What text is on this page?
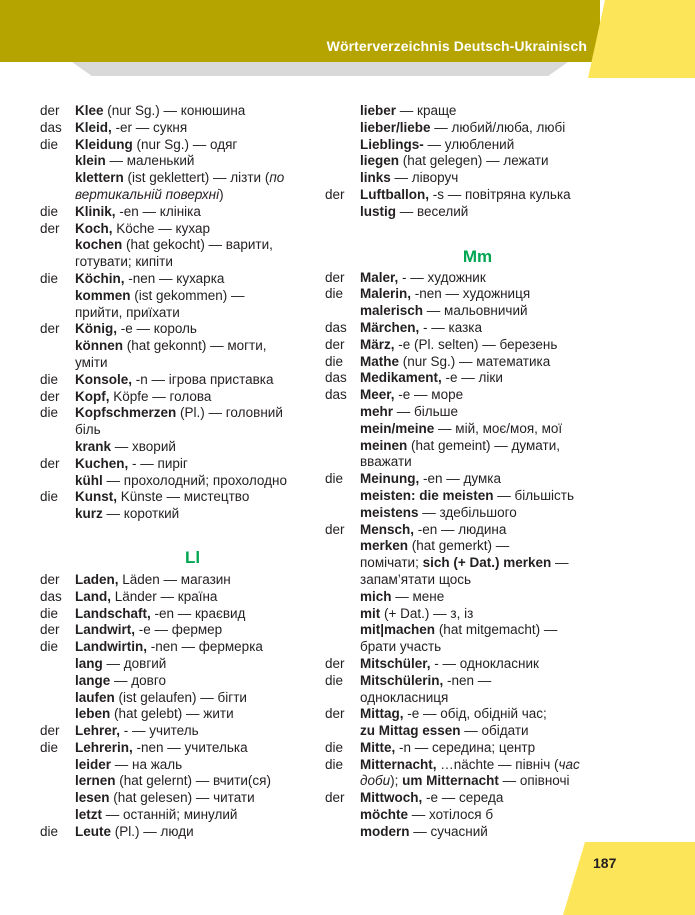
Wörterverzeichnis Deutsch-Ukrainisch
der	Klee (nur Sg.) — конюшина
das Kleid, -er — сукня
die	Kleidung (nur Sg.) — одяг
klein — маленький
klettern (ist geklettert) — лізти (по
вертикальній поверхні)
die	Klinik, -en — клініка
der	Koch, Köche — кухар
kochen (hat gekocht) — варити,
готувати; кипіти
die	Köchin, -nen — кухарка
kommen (ist gekommen) —
прийти, приїхати
der	König, -e — король
können (hat gekonnt) — могти,
уміти
die	Konsole, -n — ігрова приставка
der	Kopf, Köpfe — голова
die	Kopfschmerzen (Pl.) — головний
біль
krank — хворий
der	Kuchen, - — пиріг
kühl — прохолодний; прохолодно
die	Kunst, Künste — мистецтво
kurz — короткий
Ll
der	Laden, Läden — магазин
das Land, Länder — країна
die	Landschaft, -en — краєвид
der	Landwirt, -e — фермер
die	Landwirtin, -nen — фермерка
lang — довгий
lange — довго
laufen (ist gelaufen) — бігти
leben (hat gelebt) — жити
der	Lehrer, - — учитель
die	Lehrerin, -nen — учителька
leider — на жаль
lernen (hat gelernt) — вчити(ся)
lesen (hat gelesen) — читати
letzt — останній; минулий
die	Leute (Pl.) — люди
lieber — краще
lieber/liebe — любий/люба, любі
Lieblings- — улюблений
liegen (hat gelegen) — лежати
links — ліворуч
der	Luftballon, -s — повітряна кулька
lustig — веселий
Mm
der	Maler, - — художник
die	Malerin, -nen — художниця
malerisch — мальовничий
das Märchen, - — казка
der	März, -e (Pl. selten) — березень
die	Mathe (nur Sg.) — математика
das Medikament, -e — ліки
das Meer, -e — море
mehr — більше
mein/meine — мій, моє/моя, мої
meinen (hat gemeint) — думати,
вважати
die	Meinung, -en — думка
meisten: die meisten — більшість
meistens — здебільшого
der	Mensch, -en — людина
merken (hat gemerkt) —
помічати; sich (+ Dat.) merken —
запам’ятати щось
mich — мене
mit (+ Dat.) — з, із
mit|machen (hat mitgemacht) —
брати участь
der	Mitschüler, - — однокласник
die	Mitschülerin, -nen —
однокласниця
der	Mittag, -e — обід, обідній час;
zu Mittag essen — обідати
die	Mitte, -n — середина; центр
die	Mitternacht, …nächte — північ (час
доби); um Mitternacht — опівночі
der	Mittwoch, -e — середа
möchte — хотілося б
modern — сучасний
187
